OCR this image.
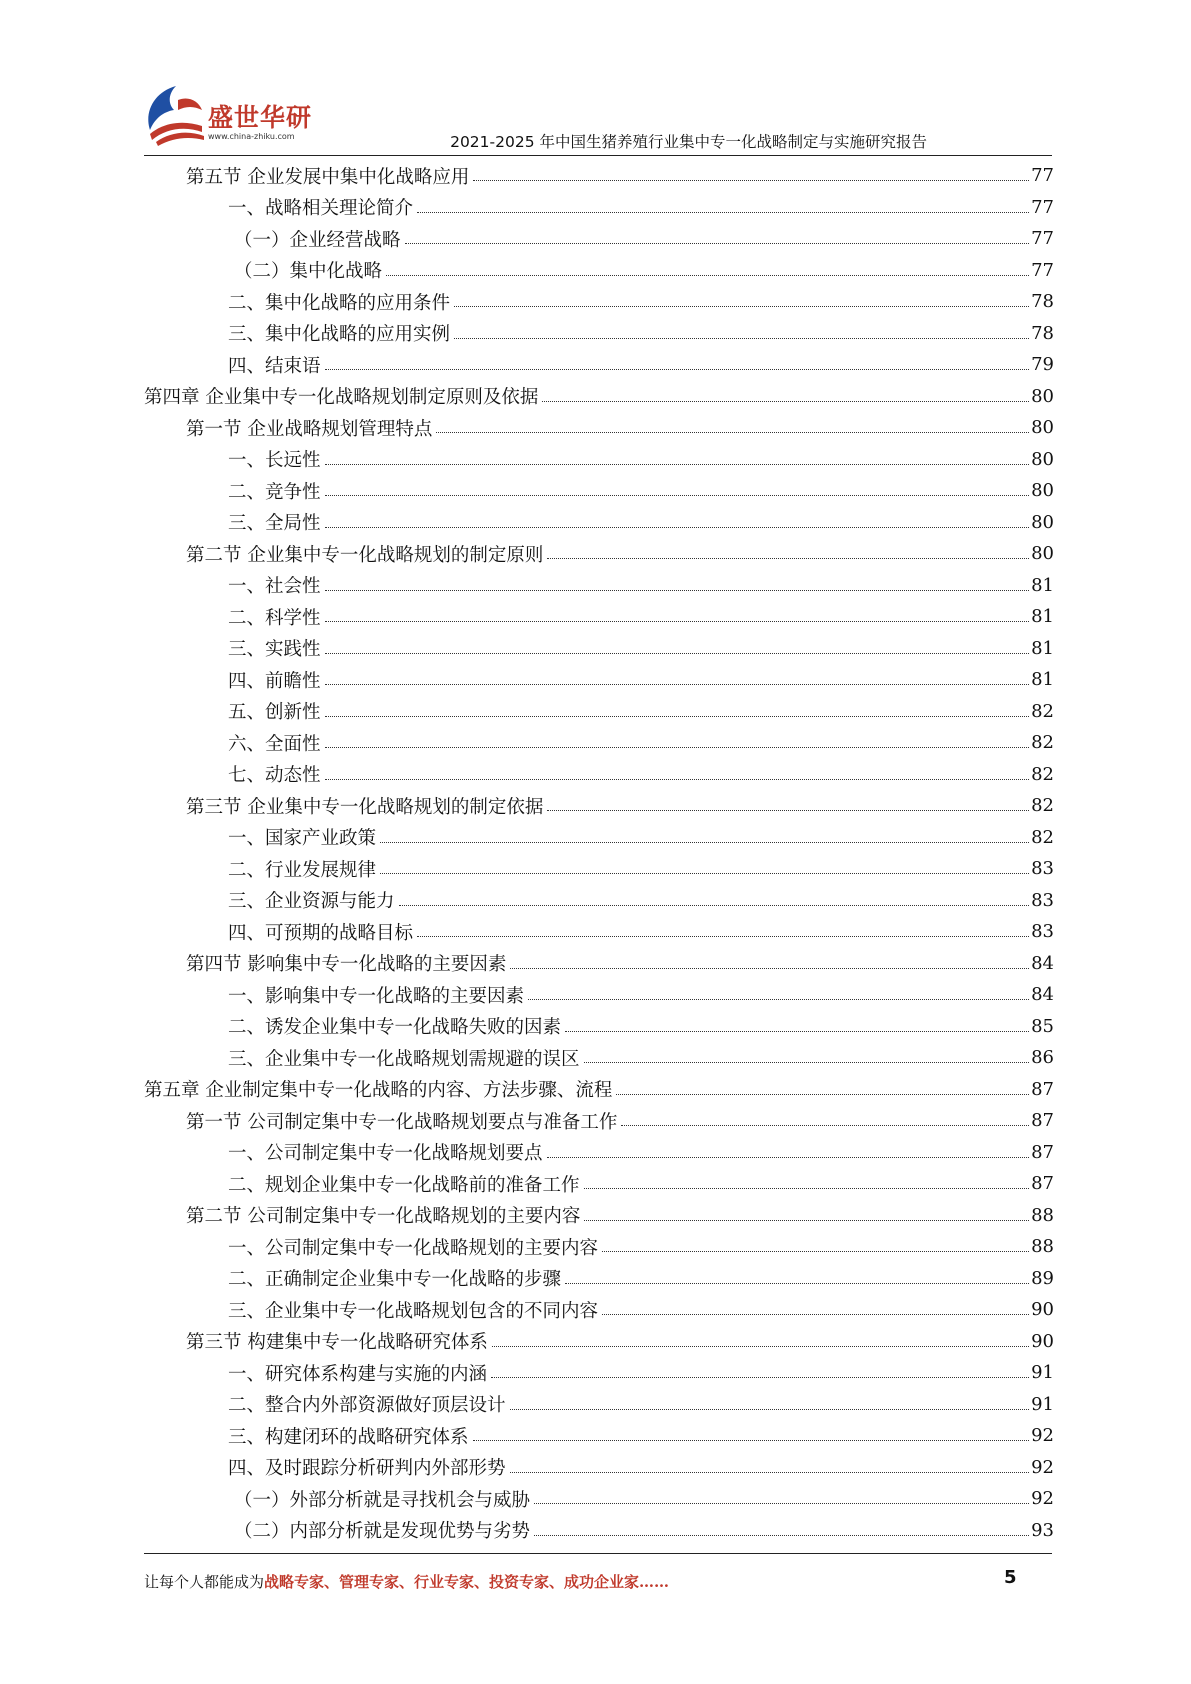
盛世华研
www.china-zhiku.com	2021-2025 年中国生猪养殖行业集中专一化战略制定与实施研究报告
第五节 企业发展中集中化战略应用	77
一、战略相关理论简介	77
（一）企业经营战略	77
（二）集中化战略	77
二、集中化战略的应用条件	78
三、集中化战略的应用实例	78
四、结束语	79
第四章 企业集中专一化战略规划制定原则及依据	80
第一节 企业战略规划管理特点	80
一、长远性	80
二、竞争性	80
三、全局性	80
第二节 企业集中专一化战略规划的制定原则	80
一、社会性	81
二、科学性	81
三、实践性	81
四、前瞻性	81
五、创新性	82
六、全面性	82
七、动态性	82
第三节 企业集中专一化战略规划的制定依据	82
一、国家产业政策	82
二、行业发展规律	83
三、企业资源与能力	83
四、可预期的战略目标	83
第四节 影响集中专一化战略的主要因素	84
一、影响集中专一化战略的主要因素	84
二、诱发企业集中专一化战略失败的因素	85
三、企业集中专一化战略规划需规避的误区	86
第五章 企业制定集中专一化战略的内容、方法步骤、流程	87
第一节 公司制定集中专一化战略规划要点与准备工作	87
一、公司制定集中专一化战略规划要点	87
二、规划企业集中专一化战略前的准备工作	87
第二节 公司制定集中专一化战略规划的主要内容	88
一、公司制定集中专一化战略规划的主要内容	88
二、正确制定企业集中专一化战略的步骤	89
三、企业集中专一化战略规划包含的不同内容	90
第三节 构建集中专一化战略研究体系	90
一、研究体系构建与实施的内涵	91
二、整合内外部资源做好顶层设计	91
三、构建闭环的战略研究体系	92
四、及时跟踪分析研判内外部形势	92
（一）外部分析就是寻找机会与威胁	92
（二）内部分析就是发现优势与劣势	93
让每个人都能成为战略专家、管理专家、行业专家、投资专家、成功企业家……	5
